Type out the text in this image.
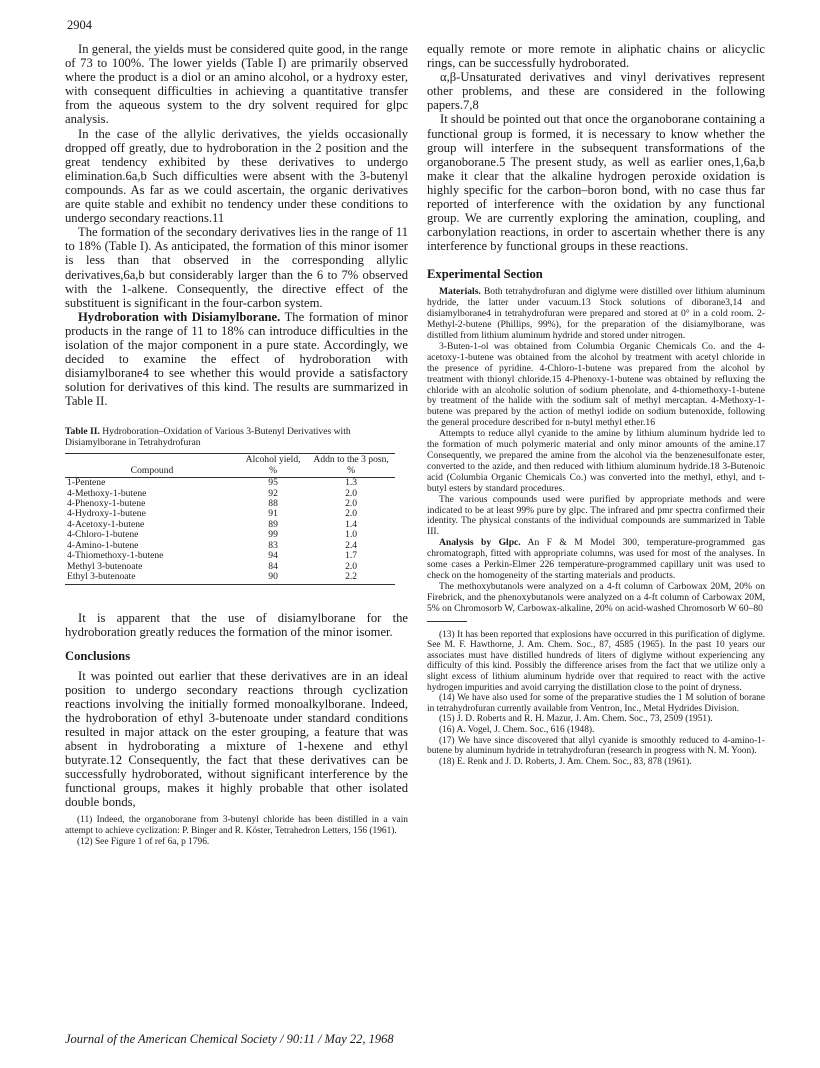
2904

In general, the yields must be considered quite good, in the range of 73 to 100%. The lower yields (Table I) are primarily observed where the product is a diol or an amino alcohol, or a hydroxy ester, with consequent difficulties in achieving a quantitative transfer from the aqueous system to the dry solvent required for glpc analysis.

In the case of the allylic derivatives, the yields occasionally dropped off greatly, due to hydroboration in the 2 position and the great tendency exhibited by these derivatives to undergo elimination.6a,b Such difficulties were absent with the 3-butenyl compounds. As far as we could ascertain, the organic derivatives are quite stable and exhibit no tendency under these conditions to undergo secondary reactions.11

The formation of the secondary derivatives lies in the range of 11 to 18% (Table I). As anticipated, the formation of this minor isomer is less than that observed in the corresponding allylic derivatives,6a,b but considerably larger than the 6 to 7% observed with the 1-alkene. Consequently, the directive effect of the substituent is significant in the four-carbon system.

Hydroboration with Disiamylborane. The formation of minor products in the range of 11 to 18% can introduce difficulties in the isolation of the major component in a pure state. Accordingly, we decided to examine the effect of hydroboration with disiamylborane4 to see whether this would provide a satisfactory solution for derivatives of this kind. The results are summarized in Table II.

Table II. Hydroboration–Oxidation of Various 3-Butenyl Derivatives with Disiamylborane in Tetrahydrofuran
Compound	Alcohol yield, %	Addn to the 3 posn, %
1-Pentene	95	1.3
4-Methoxy-1-butene	92	2.0
4-Phenoxy-1-butene	88	2.0
4-Hydroxy-1-butene	91	2.0
4-Acetoxy-1-butene	89	1.4
4-Chloro-1-butene	99	1.0
4-Amino-1-butene	83	2.4
4-Thiomethoxy-1-butene	94	1.7
Methyl 3-butenoate	84	2.0
Ethyl 3-butenoate	90	2.2

It is apparent that the use of disiamylborane for the hydroboration greatly reduces the formation of the minor isomer.

Conclusions

It was pointed out earlier that these derivatives are in an ideal position to undergo secondary reactions through cyclization reactions involving the initially formed monoalkylborane. Indeed, the hydroboration of ethyl 3-butenoate under standard conditions resulted in major attack on the ester grouping, a feature that was absent in hydroborating a mixture of 1-hexene and ethyl butyrate.12 Consequently, the fact that these derivatives can be successfully hydroborated, without significant interference by the functional groups, makes it highly probable that other isolated double bonds,

(11) Indeed, the organoborane from 3-butenyl chloride has been distilled in a vain attempt to achieve cyclization: P. Binger and R. Köster, Tetrahedron Letters, 156 (1961).

(12) See Figure 1 of ref 6a, p 1796.

equally remote or more remote in aliphatic chains or alicyclic rings, can be successfully hydroborated.

α,β-Unsaturated derivatives and vinyl derivatives represent other problems, and these are considered in the following papers.7,8

It should be pointed out that once the organoborane containing a functional group is formed, it is necessary to know whether the group will interfere in the subsequent transformations of the organoborane.5 The present study, as well as earlier ones,1,6a,b make it clear that the alkaline hydrogen peroxide oxidation is highly specific for the carbon–boron bond, with no case thus far reported of interference with the oxidation by any functional group. We are currently exploring the amination, coupling, and carbonylation reactions, in order to ascertain whether there is any interference by functional groups in these reactions.

Experimental Section

Materials. Both tetrahydrofuran and diglyme were distilled over lithium aluminum hydride, the latter under vacuum.13 Stock solutions of diborane3,14 and disiamylborane4 in tetrahydrofuran were prepared and stored at 0° in a cold room. 2-Methyl-2-butene (Phillips, 99%), for the preparation of the disiamylborane, was distilled from lithium aluminum hydride and stored under nitrogen.

3-Buten-1-ol was obtained from Columbia Organic Chemicals Co. and the 4-acetoxy-1-butene was obtained from the alcohol by treatment with acetyl chloride in the presence of pyridine. 4-Chloro-1-butene was prepared from the alcohol by treatment with thionyl chloride.15 4-Phenoxy-1-butene was obtained by refluxing the chloride with an alcoholic solution of sodium phenolate, and 4-thiomethoxy-1-butene by treatment of the halide with the sodium salt of methyl mercaptan. 4-Methoxy-1-butene was prepared by the action of methyl iodide on sodium butenoxide, following the general procedure described for n-butyl methyl ether.16

Attempts to reduce allyl cyanide to the amine by lithium aluminum hydride led to the formation of much polymeric material and only minor amounts of the amine.17 Consequently, we prepared the amine from the alcohol via the benzenesulfonate ester, converted to the azide, and then reduced with lithium aluminum hydride.18 3-Butenoic acid (Columbia Organic Chemicals Co.) was converted into the methyl, ethyl, and t-butyl esters by standard procedures.

The various compounds used were purified by appropriate methods and were indicated to be at least 99% pure by glpc. The infrared and pmr spectra confirmed their identity. The physical constants of the individual compounds are summarized in Table III.

Analysis by Glpc. An F & M Model 300, temperature-programmed gas chromatograph, fitted with appropriate columns, was used for most of the analyses. In some cases a Perkin-Elmer 226 temperature-programmed capillary unit was used to check on the homogeneity of the starting materials and products.

The methoxybutanols were analyzed on a 4-ft column of Carbowax 20M, 20% on Firebrick, and the phenoxybutanols were analyzed on a 4-ft column of Carbowax 20M, 5% on Chromosorb W, Carbowax-alkaline, 20% on acid-washed Chromosorb W 60–80

(13) It has been reported that explosions have occurred in this purification of diglyme. See M. F. Hawthorne, J. Am. Chem. Soc., 87, 4585 (1965). In the past 10 years our associates must have distilled hundreds of liters of diglyme without experiencing any difficulty of this kind. Possibly the difference arises from the fact that we utilize only a slight excess of lithium aluminum hydride over that required to react with the active hydrogen impurities and avoid carrying the distillation close to the point of dryness.

(14) We have also used for some of the preparative studies the 1 M solution of borane in tetrahydrofuran currently available from Ventron, Inc., Metal Hydrides Division.

(15) J. D. Roberts and R. H. Mazur, J. Am. Chem. Soc., 73, 2509 (1951).

(16) A. Vogel, J. Chem. Soc., 616 (1948).

(17) We have since discovered that allyl cyanide is smoothly reduced to 4-amino-1-butene by aluminum hydride in tetrahydrofuran (research in progress with N. M. Yoon).

(18) E. Renk and J. D. Roberts, J. Am. Chem. Soc., 83, 878 (1961).

Journal of the American Chemical Society / 90:11 / May 22, 1968
